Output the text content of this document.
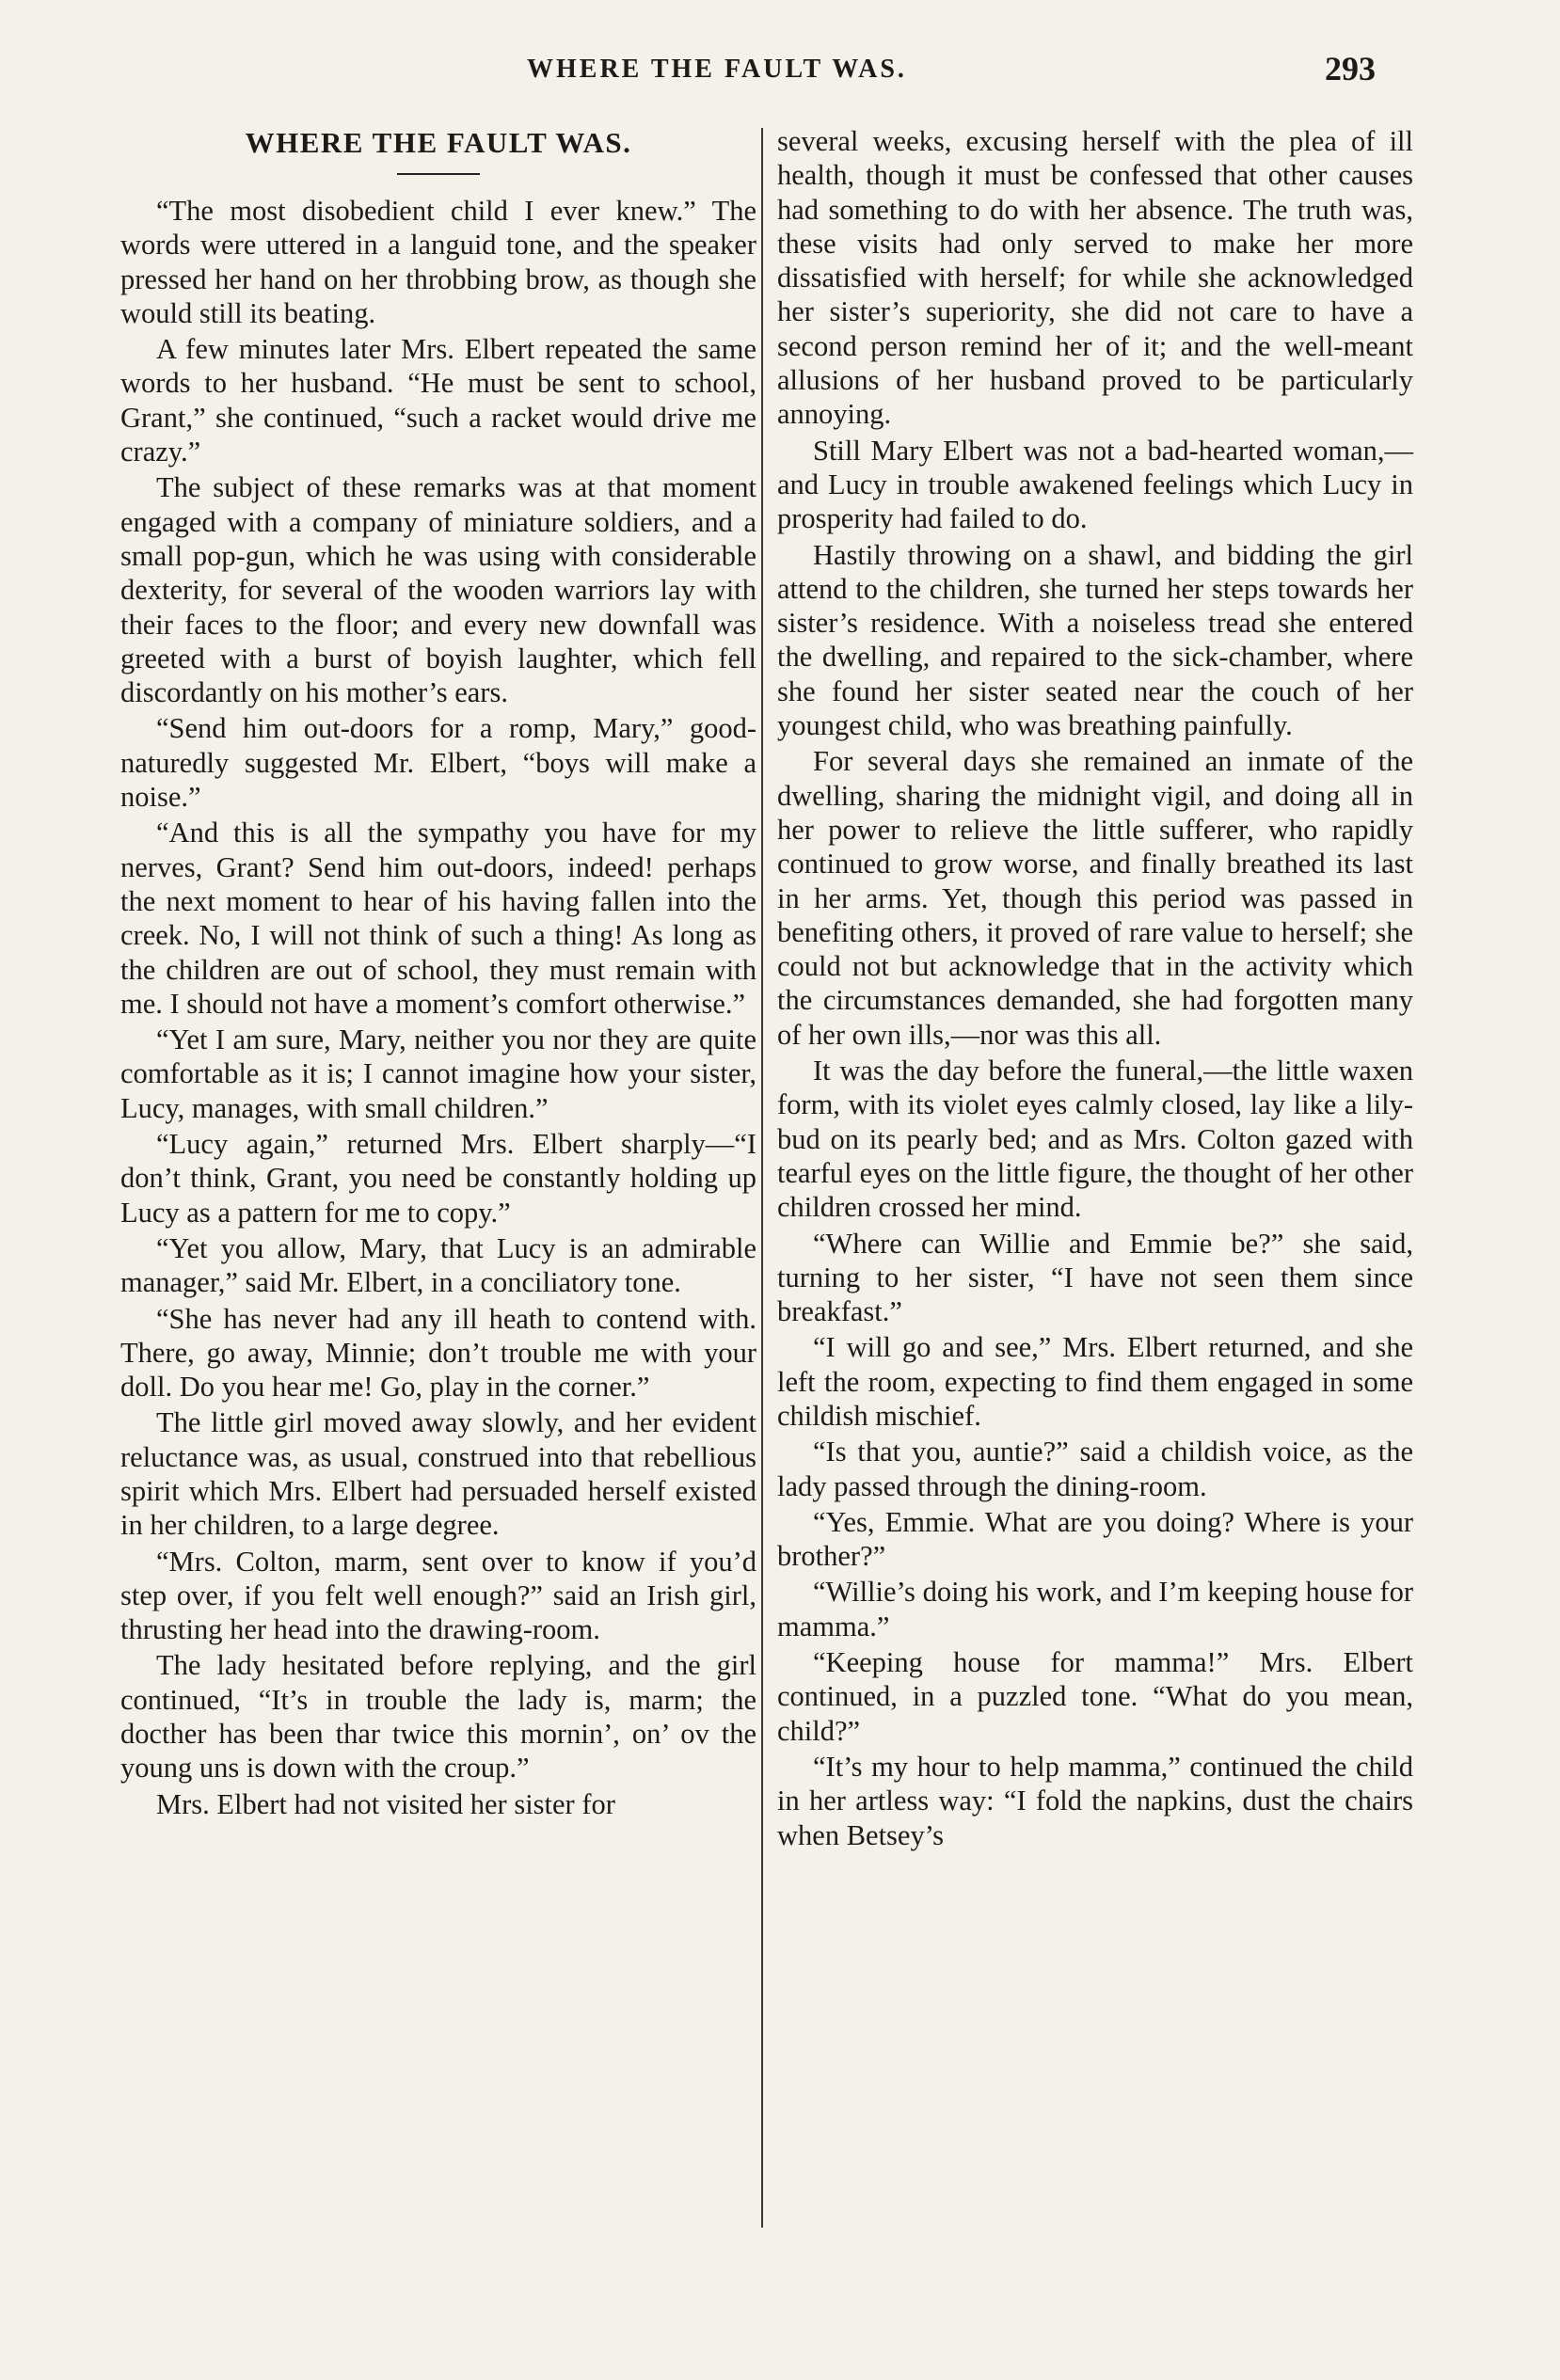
WHERE THE FAULT WAS.	293
WHERE THE FAULT WAS.

“The most disobedient child I ever knew.” The words were uttered in a languid tone, and the speaker pressed her hand on her throbbing brow, as though she would still its beating.

A few minutes later Mrs. Elbert repeated the same words to her husband. “He must be sent to school, Grant,” she continued, “such a racket would drive me crazy.”

The subject of these remarks was at that moment engaged with a company of miniature soldiers, and a small pop-gun, which he was using with considerable dexterity, for several of the wooden warriors lay with their faces to the floor; and every new downfall was greeted with a burst of boyish laughter, which fell discordantly on his mother’s ears.

“Send him out-doors for a romp, Mary,” good-naturedly suggested Mr. Elbert, “boys will make a noise.”

“And this is all the sympathy you have for my nerves, Grant? Send him out-doors, indeed! perhaps the next moment to hear of his having fallen into the creek. No, I will not think of such a thing! As long as the children are out of school, they must remain with me. I should not have a moment’s comfort otherwise.”

“Yet I am sure, Mary, neither you nor they are quite comfortable as it is; I cannot imagine how your sister, Lucy, manages, with small children.”

“Lucy again,” returned Mrs. Elbert sharply—“I don’t think, Grant, you need be constantly holding up Lucy as a pattern for me to copy.”

“Yet you allow, Mary, that Lucy is an admirable manager,” said Mr. Elbert, in a conciliatory tone.

“She has never had any ill heath to contend with. There, go away, Minnie; don’t trouble me with your doll. Do you hear me! Go, play in the corner.”

The little girl moved away slowly, and her evident reluctance was, as usual, construed into that rebellious spirit which Mrs. Elbert had persuaded herself existed in her children, to a large degree.

“Mrs. Colton, marm, sent over to know if you’d step over, if you felt well enough?” said an Irish girl, thrusting her head into the drawing-room.

The lady hesitated before replying, and the girl continued, “It’s in trouble the lady is, marm; the docther has been thar twice this mornin’, on’ ov the young uns is down with the croup.”

Mrs. Elbert had not visited her sister for

several weeks, excusing herself with the plea of ill health, though it must be confessed that other causes had something to do with her absence. The truth was, these visits had only served to make her more dissatisfied with herself; for while she acknowledged her sister’s superiority, she did not care to have a second person remind her of it; and the well-meant allusions of her husband proved to be particularly annoying.

Still Mary Elbert was not a bad-hearted woman,—and Lucy in trouble awakened feelings which Lucy in prosperity had failed to do.

Hastily throwing on a shawl, and bidding the girl attend to the children, she turned her steps towards her sister’s residence. With a noiseless tread she entered the dwelling, and repaired to the sick-chamber, where she found her sister seated near the couch of her youngest child, who was breathing painfully.

For several days she remained an inmate of the dwelling, sharing the midnight vigil, and doing all in her power to relieve the little sufferer, who rapidly continued to grow worse, and finally breathed its last in her arms. Yet, though this period was passed in benefiting others, it proved of rare value to herself; she could not but acknowledge that in the activity which the circumstances demanded, she had forgotten many of her own ills,—nor was this all.

It was the day before the funeral,—the little waxen form, with its violet eyes calmly closed, lay like a lily-bud on its pearly bed; and as Mrs. Colton gazed with tearful eyes on the little figure, the thought of her other children crossed her mind.

“Where can Willie and Emmie be?” she said, turning to her sister, “I have not seen them since breakfast.”

“I will go and see,” Mrs. Elbert returned, and she left the room, expecting to find them engaged in some childish mischief.

“Is that you, auntie?” said a childish voice, as the lady passed through the dining-room.

“Yes, Emmie. What are you doing? Where is your brother?”

“Willie’s doing his work, and I’m keeping house for mamma.”

“Keeping house for mamma!” Mrs. Elbert continued, in a puzzled tone. “What do you mean, child?”

“It’s my hour to help mamma,” continued the child in her artless way: “I fold the napkins, dust the chairs when Betsey’s
